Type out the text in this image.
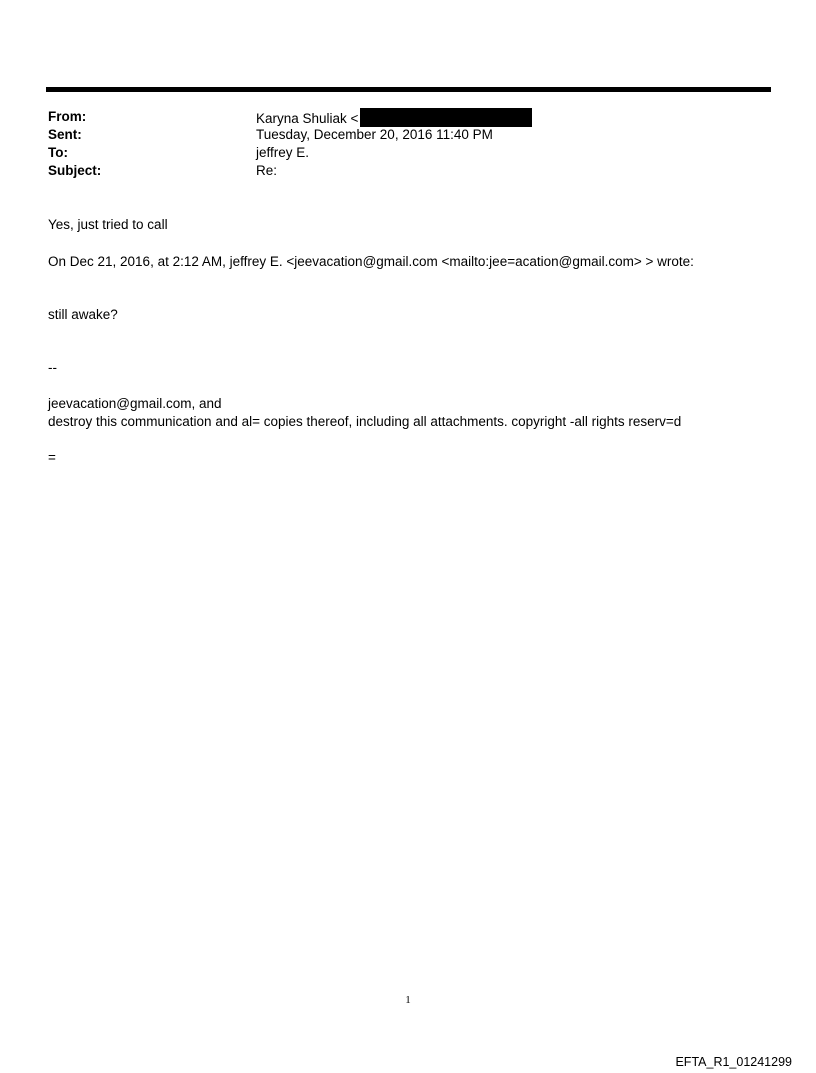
From:	Karyna Shuliak <
Sent:	Tuesday, December 20, 2016 11:40 PM
To:	jeffrey E.
Subject:	Re:
Yes, just tried to call
On Dec 21, 2016, at 2:12 AM, jeffrey E. <jeevacation@gmail.com <mailto:jee=acation@gmail.com> > wrote:
still awake?
--
jeevacation@gmail.com, and
destroy this communication and al= copies thereof, including all attachments. copyright -all rights reserv=d
=
1
EFTA_R1_01241299
